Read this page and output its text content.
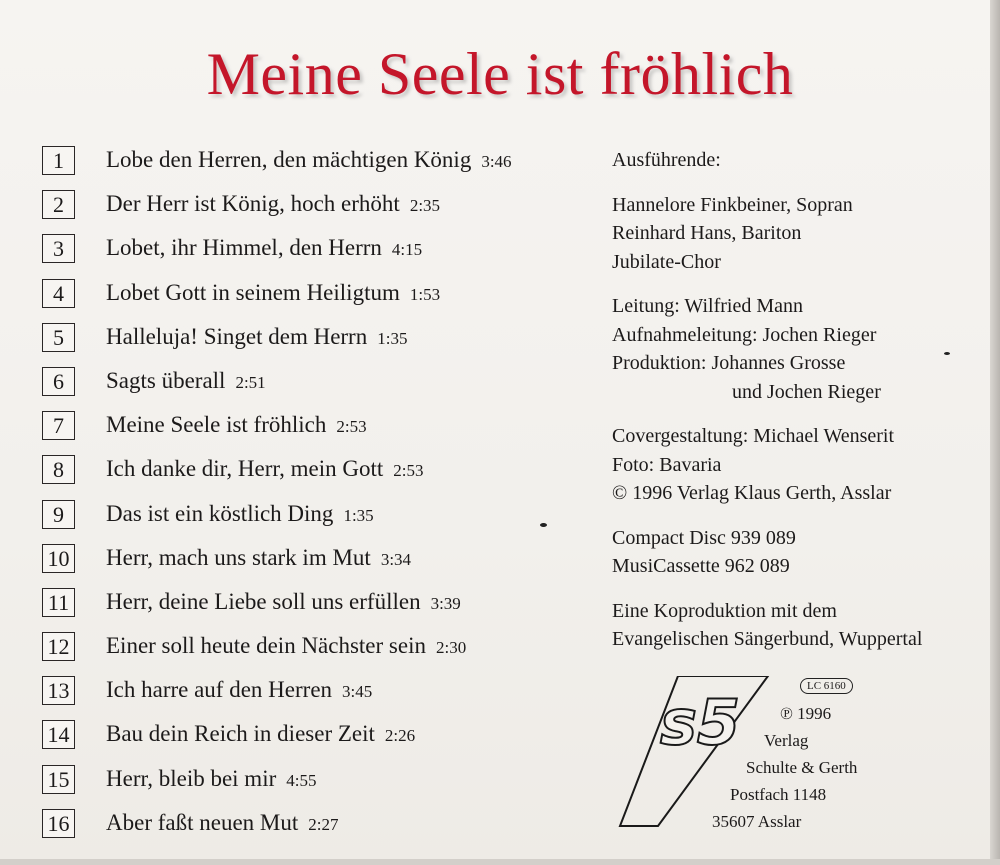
Meine Seele ist fröhlich
1	Lobe den Herren, den mächtigen König 3:46
2	Der Herr ist König, hoch erhöht 2:35
3	Lobet, ihr Himmel, den Herrn 4:15
4	Lobet Gott in seinem Heiligtum 1:53
5	Halleluja! Singet dem Herrn 1:35
6	Sagts überall 2:51
7	Meine Seele ist fröhlich 2:53
8	Ich danke dir, Herr, mein Gott 2:53
9	Das ist ein köstlich Ding 1:35
10 Herr, mach uns stark im Mut 3:34
11 Herr, deine Liebe soll uns erfüllen 3:39
12 Einer soll heute dein Nächster sein 2:30
13 Ich harre auf den Herren 3:45
14 Bau dein Reich in dieser Zeit 2:26
15 Herr, bleib bei mir 4:55
16 Aber faßt neuen Mut 2:27
Ausführende:
Hannelore Finkbeiner, Sopran
Reinhard Hans, Bariton
Jubilate-Chor
Leitung: Wilfried Mann
Aufnahmeleitung: Jochen Rieger
Produktion: Johannes Grosse
und Jochen Rieger
Covergestaltung: Michael Wenserit
Foto: Bavaria
© 1996 Verlag Klaus Gerth, Asslar
Compact Disc 939 089
MusiCassette 962 089
Eine Koproduktion mit dem
Evangelischen Sängerbund, Wuppertal
s5	LC 6160
℗ 1996
Verlag
Schulte & Gerth
Postfach 1148
35607 Asslar
